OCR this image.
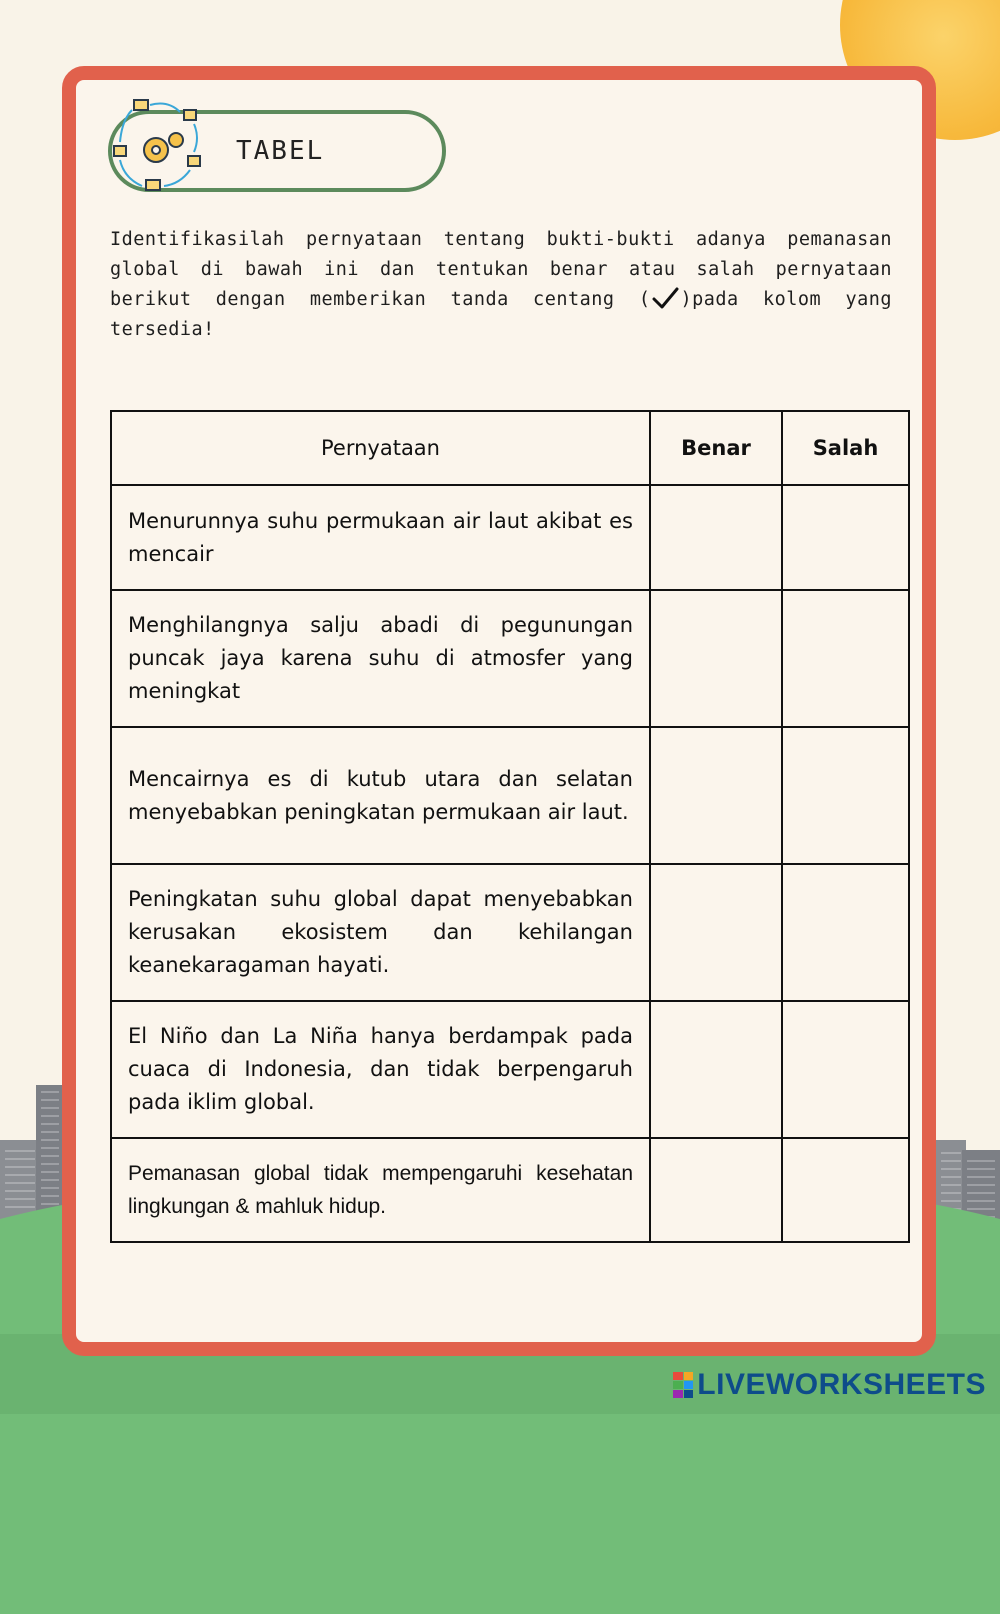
TABEL
Identifikasilah pernyataan tentang bukti-bukti adanya pemanasan global di bawah ini dan tentukan benar atau salah pernyataan berikut dengan memberikan tanda centang ( )pada kolom yang tersedia!
Pernyataan	Benar	Salah
Menurunnya suhu permukaan air laut akibat es mencair		
Menghilangnya salju abadi di pegunungan puncak jaya karena suhu di atmosfer yang meningkat		
Mencairnya es di kutub utara dan selatan menyebabkan peningkatan permukaan air laut.		
Peningkatan suhu global dapat menyebabkan kerusakan ekosistem dan kehilangan keanekaragaman hayati.		
El Niño dan La Niña hanya berdampak pada cuaca di Indonesia, dan tidak berpengaruh pada iklim global.		
Pemanasan global tidak mempengaruhi kesehatan lingkungan & mahluk hidup.		
LIVEWORKSHEETS
